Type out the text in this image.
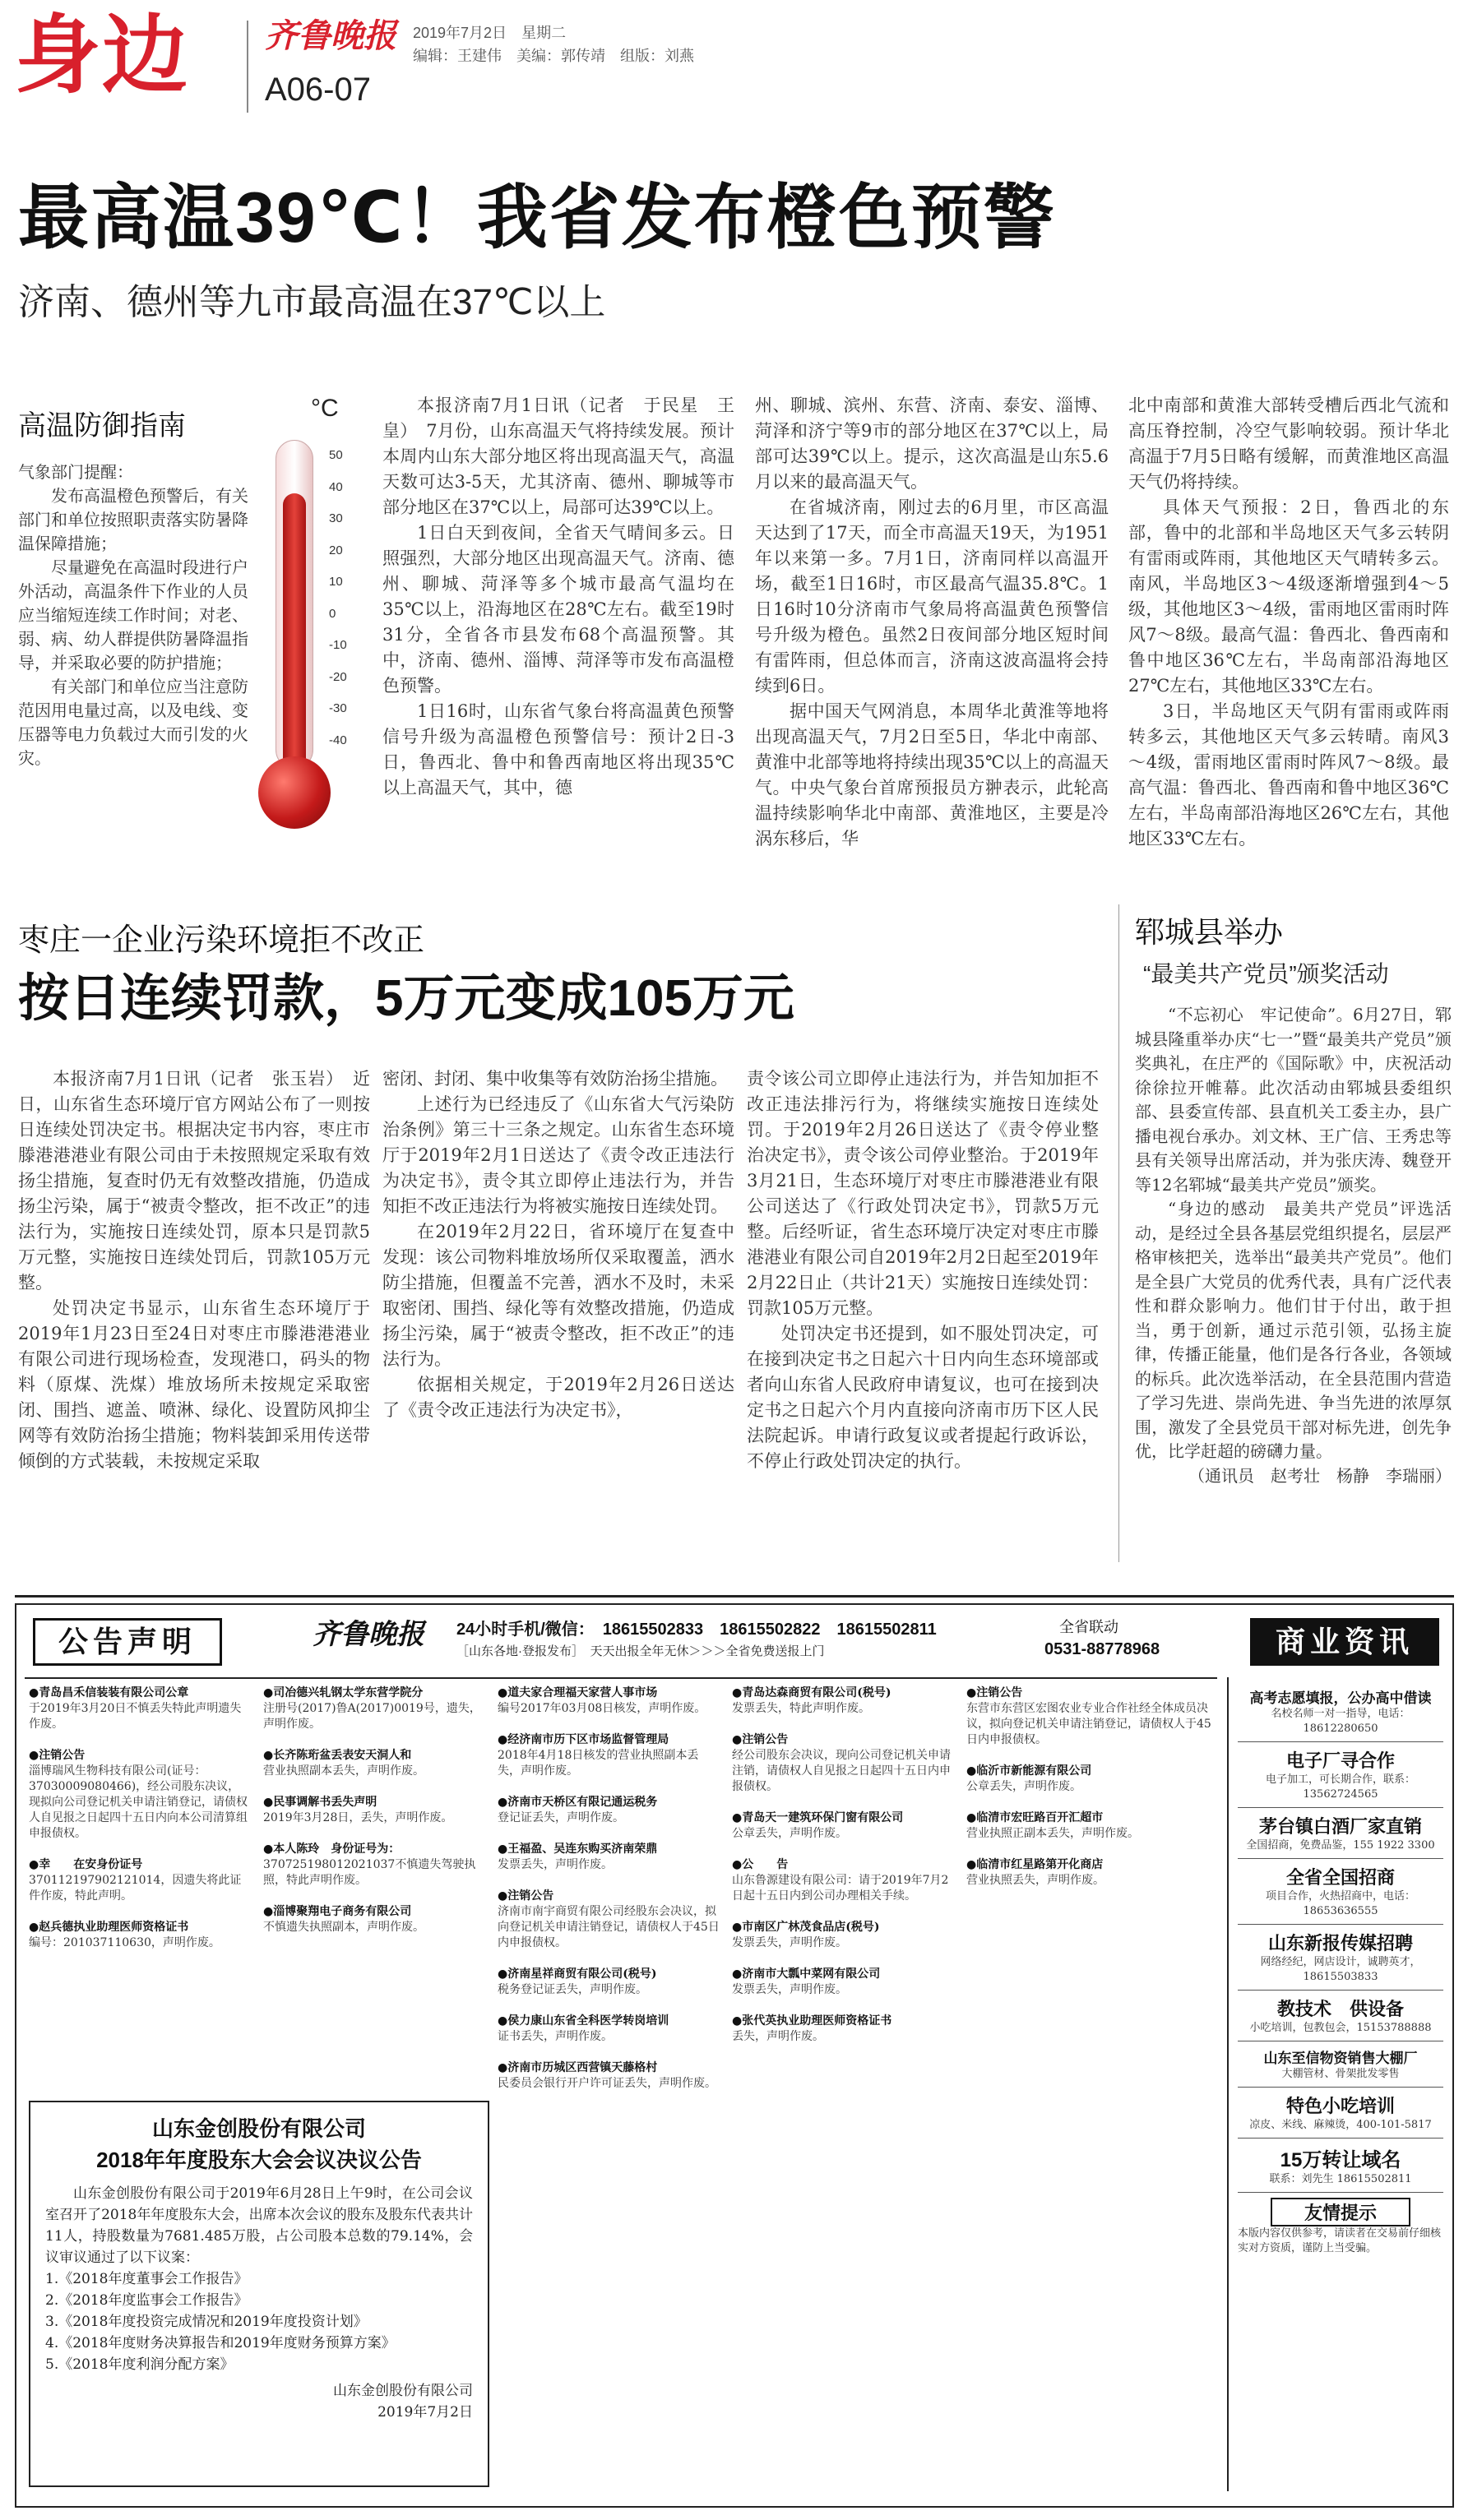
身边 齐鲁晚报
A06-07
2019年7月2日　星期二
编辑：王建伟　美编：郭传靖　组版：刘燕
最高温39℃！我省发布橙色预警
济南、德州等九市最高温在37℃以上
高温防御指南

气象部门提醒：

发布高温橙色预警后，有关部门和单位按照职责落实防暑降温保障措施；

尽量避免在高温时段进行户外活动，高温条件下作业的人员应当缩短连续工作时间；对老、弱、病、幼人群提供防暑降温指导，并采取必要的防护措施；

有关部门和单位应当注意防范因用电量过高，以及电线、变压器等电力负载过大而引发的火灾。

°C
50
40
30
20
10
0
-10
-20
-30
-40

本报济南7月1日讯（记者　于民星　王皇）　7月份，山东高温天气将持续发展。预计本周内山东大部分地区将出现高温天气，高温天数可达3-5天，尤其济南、德州、聊城等市部分地区在37℃以上，局部可达39℃以上。

1日白天到夜间，全省天气晴间多云。日照强烈，大部分地区出现高温天气。济南、德州、聊城、菏泽等多个城市最高气温均在35℃以上，沿海地区在28℃左右。截至19时31分，全省各市县发布68个高温预警。其中，济南、德州、淄博、菏泽等市发布高温橙色预警。

1日16时，山东省气象台将高温黄色预警信号升级为高温橙色预警信号：预计2日-3日，鲁西北、鲁中和鲁西南地区将出现35℃以上高温天气，其中，德

州、聊城、滨州、东营、济南、泰安、淄博、菏泽和济宁等9市的部分地区在37℃以上，局部可达39℃以上。提示，这次高温是山东5.6月以来的最高温天气。

在省城济南，刚过去的6月里，市区高温天达到了17天，而全市高温天19天，为1951年以来第一多。7月1日，济南同样以高温开场，截至1日16时，市区最高气温35.8℃。1日16时10分济南市气象局将高温黄色预警信号升级为橙色。虽然2日夜间部分地区短时间有雷阵雨，但总体而言，济南这波高温将会持续到6日。

据中国天气网消息，本周华北黄淮等地将出现高温天气，7月2日至5日，华北中南部、黄淮中北部等地将持续出现35℃以上的高温天气。中央气象台首席预报员方翀表示，此轮高温持续影响华北中南部、黄淮地区，主要是冷涡东移后，华

北中南部和黄淮大部转受槽后西北气流和高压脊控制，冷空气影响较弱。预计华北高温于7月5日略有缓解，而黄淮地区高温天气仍将持续。

具体天气预报：2日，鲁西北的东部，鲁中的北部和半岛地区天气多云转阴有雷雨或阵雨，其他地区天气晴转多云。南风，半岛地区3～4级逐渐增强到4～5级，其他地区3～4级，雷雨地区雷雨时阵风7～8级。最高气温：鲁西北、鲁西南和鲁中地区36℃左右，半岛南部沿海地区27℃左右，其他地区33℃左右。

3日，半岛地区天气阴有雷雨或阵雨转多云，其他地区天气多云转晴。南风3～4级，雷雨地区雷雨时阵风7～8级。最高气温：鲁西北、鲁西南和鲁中地区36℃左右，半岛南部沿海地区26℃左右，其他地区33℃左右。

枣庄一企业污染环境拒不改正
按日连续罚款，5万元变成105万元

本报济南7月1日讯（记者　张玉岩）　近日，山东省生态环境厅官方网站公布了一则按日连续处罚决定书。根据决定书内容，枣庄市滕港港港业有限公司由于未按照规定采取有效扬尘措施，复查时仍无有效整改措施，仍造成扬尘污染，属于“被责令整改，拒不改正”的违法行为，实施按日连续处罚，原本只是罚款5万元整，实施按日连续处罚后，罚款105万元整。

处罚决定书显示，山东省生态环境厅于2019年1月23日至24日对枣庄市滕港港港业有限公司进行现场检查，发现港口，码头的物料（原煤、洗煤）堆放场所未按规定采取密闭、围挡、遮盖、喷淋、绿化、设置防风抑尘网等有效防治扬尘措施；物料装卸采用传送带倾倒的方式装载，未按规定采取

密闭、封闭、集中收集等有效防治扬尘措施。

上述行为已经违反了《山东省大气污染防治条例》第三十三条之规定。山东省生态环境厅于2019年2月1日送达了《责令改正违法行为决定书》，责令其立即停止违法行为，并告知拒不改正违法行为将被实施按日连续处罚。

在2019年2月22日，省环境厅在复查中发现：该公司物料堆放场所仅采取覆盖，洒水防尘措施，但覆盖不完善，洒水不及时，未采取密闭、围挡、绿化等有效整改措施，仍造成扬尘污染，属于“被责令整改，拒不改正”的违法行为。

依据相关规定，于2019年2月26日送达了《责令改正违法行为决定书》，

责令该公司立即停止违法行为，并告知加拒不改正违法排污行为，将继续实施按日连续处罚。于2019年2月26日送达了《责令停业整治决定书》，责令该公司停业整治。于2019年3月21日，生态环境厅对枣庄市滕港港业有限公司送达了《行政处罚决定书》，罚款5万元整。后经听证，省生态环境厅决定对枣庄市滕港港业有限公司自2019年2月2日起至2019年2月22日止（共计21天）实施按日连续处罚：罚款105万元整。

处罚决定书还提到，如不服处罚决定，可在接到决定书之日起六十日内向生态环境部或者向山东省人民政府申请复议，也可在接到决定书之日起六个月内直接向济南市历下区人民法院起诉。申请行政复议或者提起行政诉讼，不停止行政处罚决定的执行。

郓城县举办
“最美共产党员”颁奖活动

“不忘初心　牢记使命”。6月27日，郓城县隆重举办庆“七一”暨“最美共产党员”颁奖典礼，在庄严的《国际歌》中，庆祝活动徐徐拉开帷幕。此次活动由郓城县委组织部、县委宣传部、县直机关工委主办，县广播电视台承办。刘文林、王广信、王秀忠等县有关领导出席活动，并为张庆涛、魏登开等12名郓城“最美共产党员”颁奖。

“身边的感动　最美共产党员”评选活动，是经过全县各基层党组织提名，层层严格审核把关，选举出“最美共产党员”。他们是全县广大党员的优秀代表，具有广泛代表性和群众影响力。他们甘于付出，敢于担当，勇于创新，通过示范引领，弘扬主旋律，传播正能量，他们是各行各业，各领域的标兵。此次选举活动，在全县范围内营造了学习先进、崇尚先进、争当先进的浓厚氛围，激发了全县党员干部对标先进，创先争优，比学赶超的磅礴力量。

（通讯员　赵考壮　杨静　李瑞丽）
公告声明	齐鲁晚报 24小时手机/微信：　18615502833　18615502822　18615502811
［山东各地·登报发布］　天天出报全年无休＞＞＞全省免费送报上门
全省联动
0531-88778968	商业资讯
●青岛昌禾信装装有限公司公章
于2019年3月20日不慎丢失特此声明遗失作废。

●注销公告
淄博瑞风生物科技有限公司(证号：37030009080466)，经公司股东决议，现拟向公司登记机关申请注销登记，请债权人自见报之日起四十五日内向本公司清算组申报债权。

●幸　　在安身份证号
370112197902121014，因遗失将此证件作废，特此声明。

●赵兵德执业助理医师资格证书
编号：201037110630，声明作废。
●司冶德兴轧钢太学东营学院分
注册号(2017)鲁A(2017)0019号，遗失，声明作废。

●长齐陈珩盆丢表安天洞人和
营业执照副本丢失，声明作废。

●民事调解书丢失声明
2019年3月28日，丢失，声明作废。

●本人陈玲　身份证号为：
370725198012021037不慎遗失驾驶执照，特此声明作废。

●淄博聚翔电子商务有限公司
不慎遗失执照副本，声明作废。
●道夫家合理福天家营人事市场
编号2017年03月08日核发，声明作废。

●经济南市历下区市场监督管理局
2018年4月18日核发的营业执照副本丢失，声明作废。

●济南市天桥区有限记通运税务
登记证丢失，声明作废。

●王福盈、吴连东购买济南荣鼎
发票丢失，声明作废。

●注销公告
济南市南宇商贸有限公司经股东会决议，拟向登记机关申请注销登记，请债权人于45日内申报债权。

●济南星祥商贸有限公司(税号)
税务登记证丢失，声明作废。

●侯力康山东省全科医学转岗培训
证书丢失，声明作废。

●济南市历城区西营镇天藤格村
民委员会银行开户许可证丢失，声明作废。
●青岛达森商贸有限公司(税号)
发票丢失，特此声明作废。

●注销公告
经公司股东会决议，现向公司登记机关申请注销，请债权人自见报之日起四十五日内申报债权。

●青岛天一建筑环保门窗有限公司
公章丢失，声明作废。

●公　　告
山东鲁源建设有限公司：请于2019年7月2日起十五日内到公司办理相关手续。

●市南区广林茂食品店(税号)
发票丢失，声明作废。

●济南市大瓢中菜网有限公司
发票丢失，声明作废。

●张代英执业助理医师资格证书
丢失，声明作废。
●注销公告
东营市东营区宏图农业专业合作社经全体成员决议，拟向登记机关申请注销登记，请债权人于45日内申报债权。

●临沂市新能源有限公司
公章丢失，声明作废。

●临清市宏旺路百开汇超市
营业执照正副本丢失，声明作废。

●临清市红星路第开化商店
营业执照丢失，声明作废。
山东金创股份有限公司
2018年年度股东大会会议决议公告
山东金创股份有限公司于2019年6月28日上午9时，在公司会议室召开了2018年年度股东大会，出席本次会议的股东及股东代表共计11人，持股数量为7681.485万股，占公司股本总数的79.14%，会议审议通过了以下议案：
1.《2018年度董事会工作报告》
2.《2018年度监事会工作报告》
3.《2018年度投资完成情况和2019年度投资计划》
4.《2018年度财务决算报告和2019年度财务预算方案》
5.《2018年度利润分配方案》
山东金创股份有限公司
2019年7月2日
高考志愿填报，公办高中借读
名校名师一对一指导，电话：18612280650
电子厂寻合作
电子加工，可长期合作，联系：13562724565
茅台镇白酒厂家直销
全国招商，免费品鉴，155 1922 3300
全省全国招商
项目合作，火热招商中，电话：18653636555
山东新报传媒招聘
网络经纪，网店设计，诚聘英才，18615503833
教技术　供设备
小吃培训，包教包会，15153788888
山东至信物资销售大棚厂
大棚管材、骨架批发零售
特色小吃培训
凉皮、米线、麻辣烫，400-101-5817
15万转让域名
联系：刘先生 18615502811
友情提示
本版内容仅供参考，请读者在交易前仔细核实对方资质，谨防上当受骗。
